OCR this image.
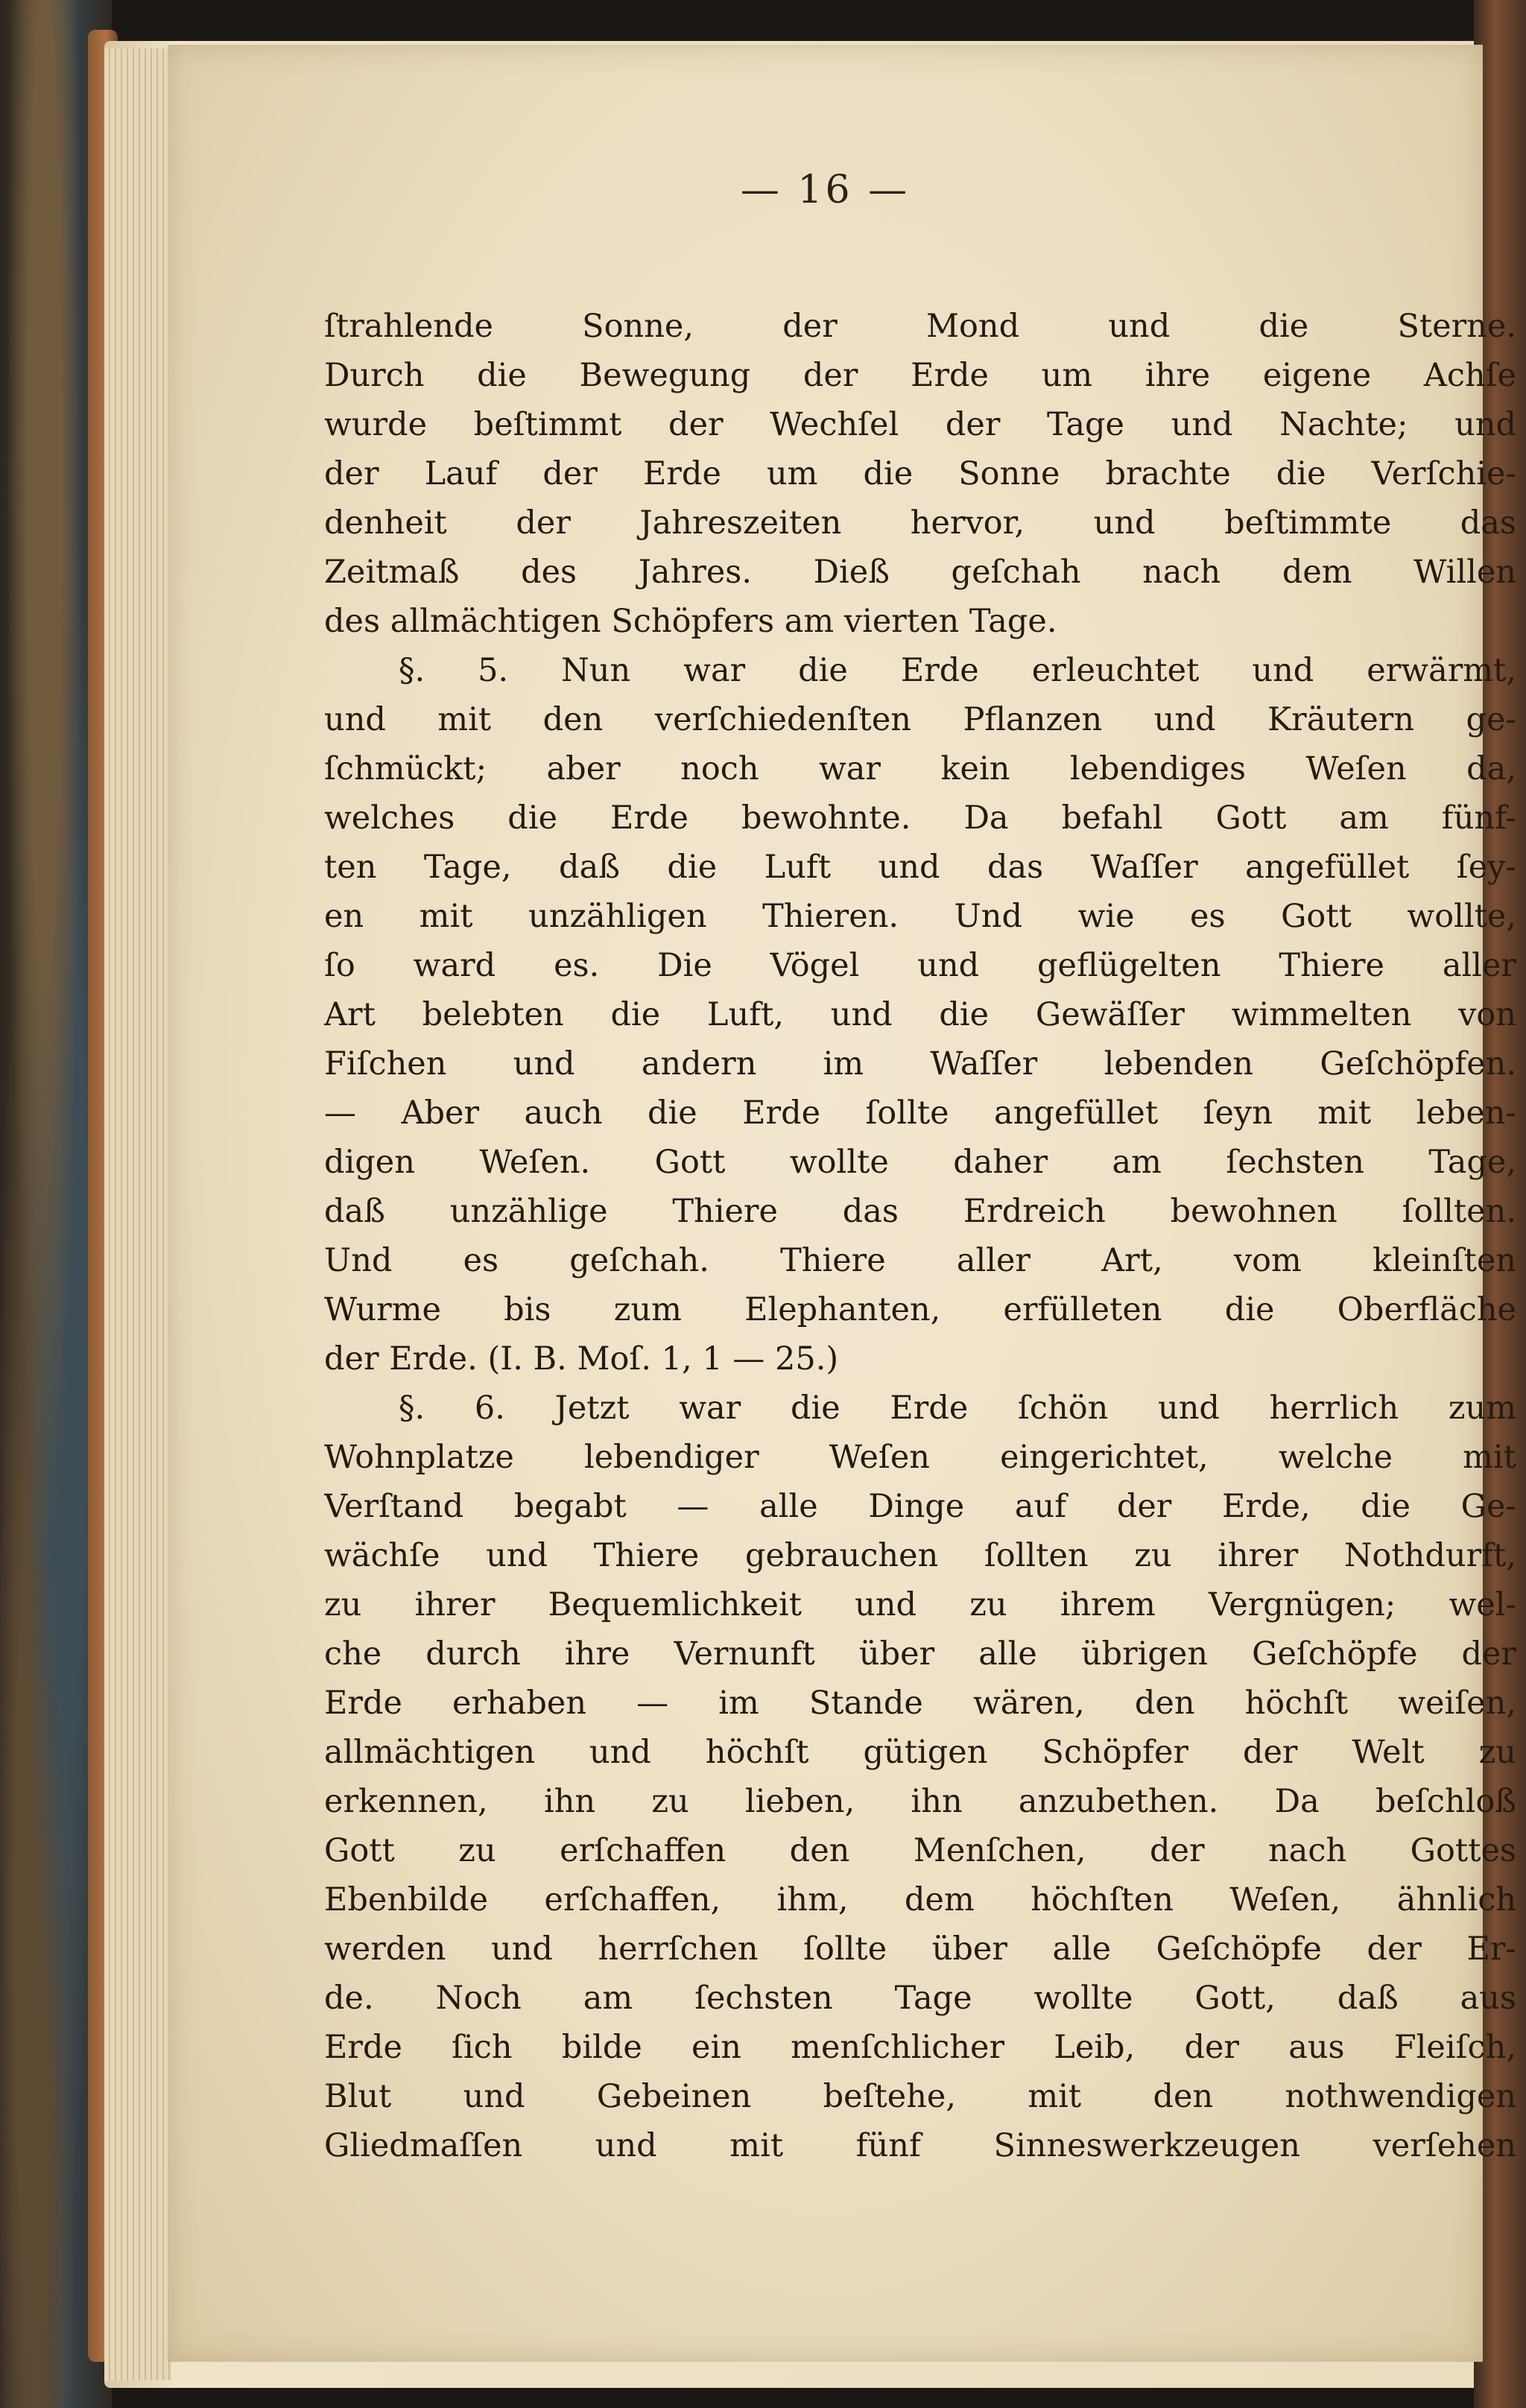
— 16 —
ſtrahlende Sonne, der Mond und die Sterne.
Durch die Bewegung der Erde um ihre eigene Achſe
wurde beſtimmt der Wechſel der Tage und Nachte; und
der Lauf der Erde um die Sonne brachte die Verſchie-
denheit der Jahreszeiten hervor, und beſtimmte das
Zeitmaß des Jahres. Dieß geſchah nach dem Willen
des allmächtigen Schöpfers am vierten Tage.
§. 5. Nun war die Erde erleuchtet und erwärmt,
und mit den verſchiedenſten Pflanzen und Kräutern ge-
ſchmückt; aber noch war kein lebendiges Weſen da,
welches die Erde bewohnte. Da befahl Gott am fünf-
ten Tage, daß die Luft und das Waſſer angefüllet ſey-
en mit unzähligen Thieren. Und wie es Gott wollte,
ſo ward es. Die Vögel und geflügelten Thiere aller
Art belebten die Luft, und die Gewäſſer wimmelten von
Fiſchen und andern im Waſſer lebenden Geſchöpfen.
— Aber auch die Erde ſollte angefüllet ſeyn mit leben-
digen Weſen. Gott wollte daher am ſechsten Tage,
daß unzählige Thiere das Erdreich bewohnen ſollten.
Und es geſchah. Thiere aller Art, vom kleinſten
Wurme bis zum Elephanten, erfülleten die Oberfläche
der Erde. (I. B. Moſ. 1, 1 — 25.)
§. 6. Jetzt war die Erde ſchön und herrlich zum
Wohnplatze lebendiger Weſen eingerichtet, welche mit
Verſtand begabt — alle Dinge auf der Erde, die Ge-
wächſe und Thiere gebrauchen ſollten zu ihrer Nothdurft,
zu ihrer Bequemlichkeit und zu ihrem Vergnügen; wel-
che durch ihre Vernunft über alle übrigen Geſchöpfe der
Erde erhaben — im Stande wären, den höchſt weiſen,
allmächtigen und höchſt gütigen Schöpfer der Welt zu
erkennen, ihn zu lieben, ihn anzubethen. Da beſchloß
Gott zu erſchaffen den Menſchen, der nach Gottes
Ebenbilde erſchaffen, ihm, dem höchſten Weſen, ähnlich
werden und herrſchen ſollte über alle Geſchöpfe der Er-
de. Noch am ſechsten Tage wollte Gott, daß aus
Erde ſich bilde ein menſchlicher Leib, der aus Fleiſch,
Blut und Gebeinen beſtehe, mit den nothwendigen
Gliedmaſſen und mit fünf Sinneswerkzeugen verſehen
